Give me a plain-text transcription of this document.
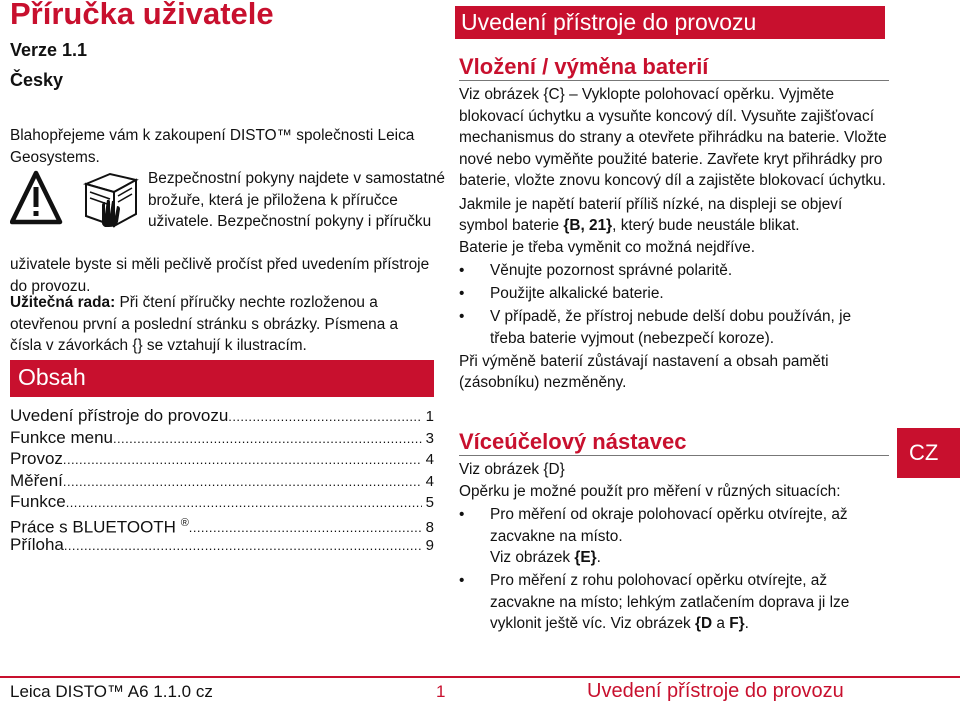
Příručka uživatele
Verze 1.1
Česky

Blahopřejeme vám k zakoupení DISTO™ společnosti Leica Geosystems.

Bezpečnostní pokyny najdete v samostatné brožuře, která je přiložena k příručce uživatele. Bezpečnostní pokyny i příručku

uživatele byste si měli pečlivě pročíst před uvedením přístroje do provozu.

Užitečná rada: Při čtení příručky nechte rozloženou a otevřenou první a poslední stránku s obrázky. Písmena a čísla v závorkách {} se vztahují k ilustracím.

Obsah
Uvedení přístroje do provozu . . .	1
Funkce menu . . .	3
Provoz . . .	4
Měření . . .	4
Funkce . . .	5
Práce s BLUETOOTH ® . . .	8
Příloha . . .	9
Uvedení přístroje do provozu
Vložení / výměna baterií

Viz obrázek {C} – Vyklopte polohovací opěrku. Vyjměte blokovací úchytku a vysuňte koncový díl. Vysuňte zajišťovací mechanismus do strany a otevřete přihrádku na baterie. Vložte nové nebo vyměňte použité baterie. Zavřete kryt přihrádky pro baterie, vložte znovu koncový díl a zajistěte blokovací úchytku.

Jakmile je napětí baterií příliš nízké, na displeji se objeví symbol baterie {B, 21}, který bude neustále blikat.

Baterie je třeba vyměnit co možná nejdříve.

• Věnujte pozornost správné polaritě.
• Použijte alkalické baterie.
• V případě, že přístroj nebude delší dobu používán, je třeba baterie vyjmout (nebezpečí koroze).

Při výměně baterií zůstávají nastavení a obsah paměti (zásobníku) nezměněny.

Víceúčelový nástavec

Viz obrázek {D}

Opěrku je možné použít pro měření v různých situacích:

• Pro měření od okraje polohovací opěrku otvírejte, až zacvakne na místo.
Viz obrázek {E}.
• Pro měření z rohu polohovací opěrku otvírejte, až zacvakne na místo; lehkým zatlačením doprava ji lze vyklonit ještě víc. Viz obrázek {D a F}.
CZ
Leica DISTO™ A6 1.1.0 cz	1	Uvedení přístroje do provozu
